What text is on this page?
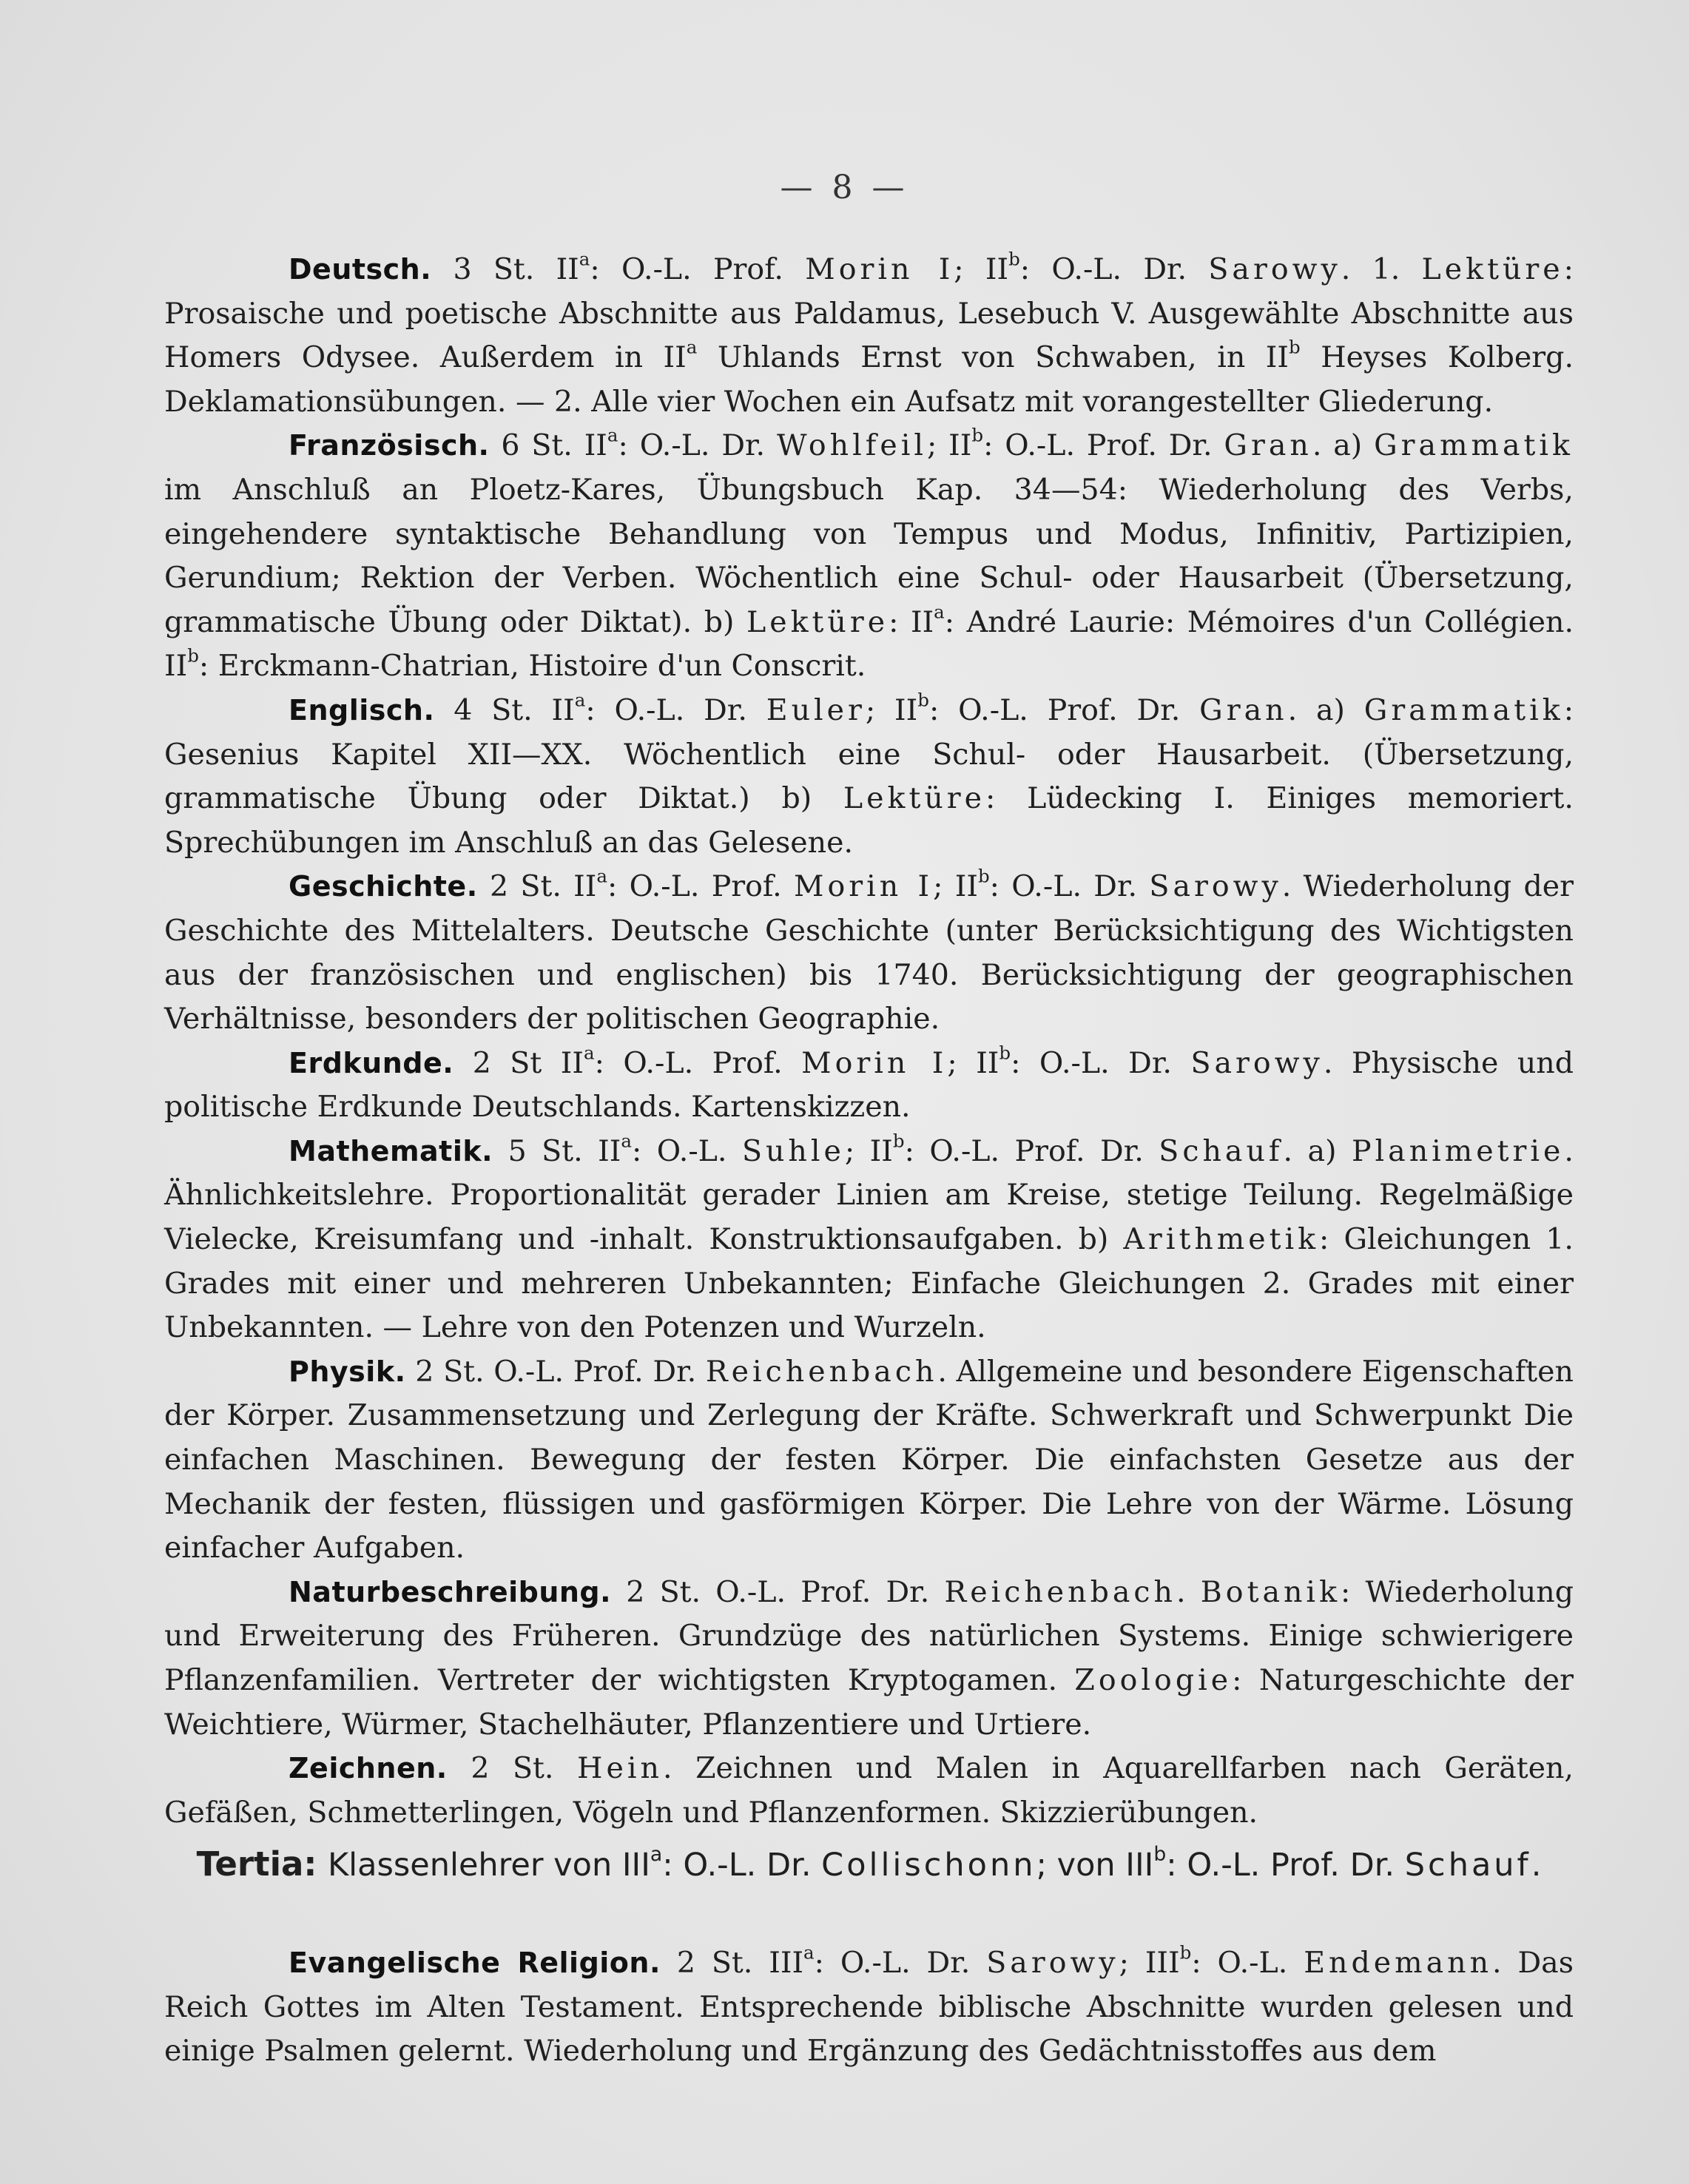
— 8 —

Deutsch. 3 St. $II^a$: O.-L. Prof. Morin I; $II^b$: O.-L. Dr. Sarowy. 1. Lektüre: Prosaische und poetische Abschnitte aus Paldamus, Lesebuch V. Ausgewählte Abschnitte aus Homers Odysee. Außerdem in $II^a$ Uhlands Ernst von Schwaben, in $II^b$ Heyses Kolberg. Deklamationsübungen. — 2. Alle vier Wochen ein Aufsatz mit vorangestellter Gliederung.

Französisch. 6 St. $II^a$: O.-L. Dr. Wohlfeil; $II^b$: O.-L. Prof. Dr. Gran. a) Grammatik im Anschluß an Ploetz-Kares, Übungsbuch Kap. 34—54: Wiederholung des Verbs, eingehendere syntaktische Behandlung von Tempus und Modus, Infinitiv, Partizipien, Gerundium; Rektion der Verben. Wöchentlich eine Schul- oder Hausarbeit (Übersetzung, grammatische Übung oder Diktat). b) Lektüre: $II^a$: André Laurie: Mémoires d'un Collégien. $II^b$: Erckmann-Chatrian, Histoire d'un Conscrit.

Englisch. 4 St. $II^a$: O.-L. Dr. Euler; $II^b$: O.-L. Prof. Dr. Gran. a) Grammatik: Gesenius Kapitel XII—XX. Wöchentlich eine Schul- oder Hausarbeit. (Übersetzung, grammatische Übung oder Diktat.) b) Lektüre: Lüdecking I. Einiges memoriert. Sprechübungen im Anschluß an das Gelesene.

Geschichte. 2 St. $II^a$: O.-L. Prof. Morin I; $II^b$: O.-L. Dr. Sarowy. Wiederholung der Geschichte des Mittelalters. Deutsche Geschichte (unter Berücksichtigung des Wichtigsten aus der französischen und englischen) bis 1740. Berücksichtigung der geographischen Verhältnisse, besonders der politischen Geographie.

Erdkunde. 2 St $II^a$: O.-L. Prof. Morin I; $II^b$: O.-L. Dr. Sarowy. Physische und politische Erdkunde Deutschlands. Kartenskizzen.

Mathematik. 5 St. $II^a$: O.-L. Suhle; $II^b$: O.-L. Prof. Dr. Schauf. a) Planimetrie. Ähnlichkeitslehre. Proportionalität gerader Linien am Kreise, stetige Teilung. Regelmäßige Vielecke, Kreisumfang und -inhalt. Konstruktionsaufgaben. b) Arithmetik: Gleichungen 1. Grades mit einer und mehreren Unbekannten; Einfache Gleichungen 2. Grades mit einer Unbekannten. — Lehre von den Potenzen und Wurzeln.

Physik. 2 St. O.-L. Prof. Dr. Reichenbach. Allgemeine und besondere Eigenschaften der Körper. Zusammensetzung und Zerlegung der Kräfte. Schwerkraft und Schwerpunkt Die einfachen Maschinen. Bewegung der festen Körper. Die einfachsten Gesetze aus der Mechanik der festen, flüssigen und gasförmigen Körper. Die Lehre von der Wärme. Lösung einfacher Aufgaben.

Naturbeschreibung. 2 St. O.-L. Prof. Dr. Reichenbach. Botanik: Wiederholung und Erweiterung des Früheren. Grundzüge des natürlichen Systems. Einige schwierigere Pflanzenfamilien. Vertreter der wichtigsten Kryptogamen. Zoologie: Naturgeschichte der Weichtiere, Würmer, Stachelhäuter, Pflanzentiere und Urtiere.

Zeichnen. 2 St. Hein. Zeichnen und Malen in Aquarellfarben nach Geräten, Gefäßen, Schmetterlingen, Vögeln und Pflanzenformen. Skizzierübungen.

Tertia: Klassenlehrer von III$^a$: O.-L. Dr. Collischonn; von III$^b$: O.-L. Prof. Dr. Schauf.

Evangelische Religion. 2 St. III$^a$: O.-L. Dr. Sarowy; III$^b$: O.-L. Endemann. Das Reich Gottes im Alten Testament. Entsprechende biblische Abschnitte wurden gelesen und einige Psalmen gelernt. Wiederholung und Ergänzung des Gedächtnisstoffes aus dem
